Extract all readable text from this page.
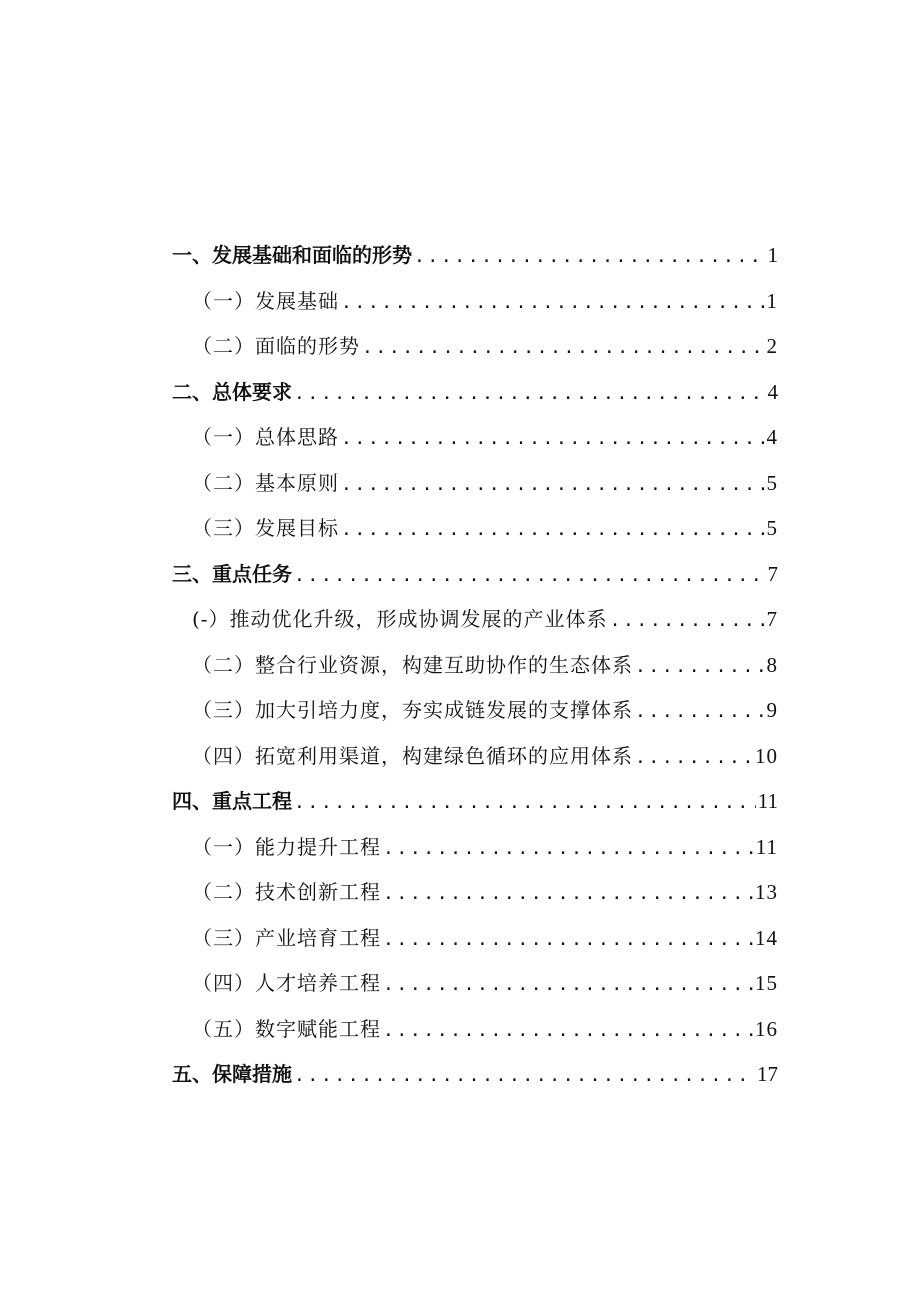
一、发展基础和面临的形势 .....	1
（一）发展基础 .....	1
（二）面临的形势 .....	2
二、总体要求 .....	4
（一）总体思路 .....	4
（二）基本原则 .....	5
（三）发展目标 .....	5
三、重点任务 .....	7
(-）推动优化升级，形成协调发展的产业体系 .....	7
（二）整合行业资源，构建互助协作的生态体系 .....	8
（三）加大引培力度，夯实成链发展的支撑体系 .....	9
（四）拓宽利用渠道，构建绿色循环的应用体系 .....	10
四、重点工程 .....	11
（一）能力提升工程 .....	11
（二）技术创新工程 .....	13
（三）产业培育工程 .....	14
（四）人才培养工程 .....	15
（五）数字赋能工程 .....	16
五、保障措施 .....	17
